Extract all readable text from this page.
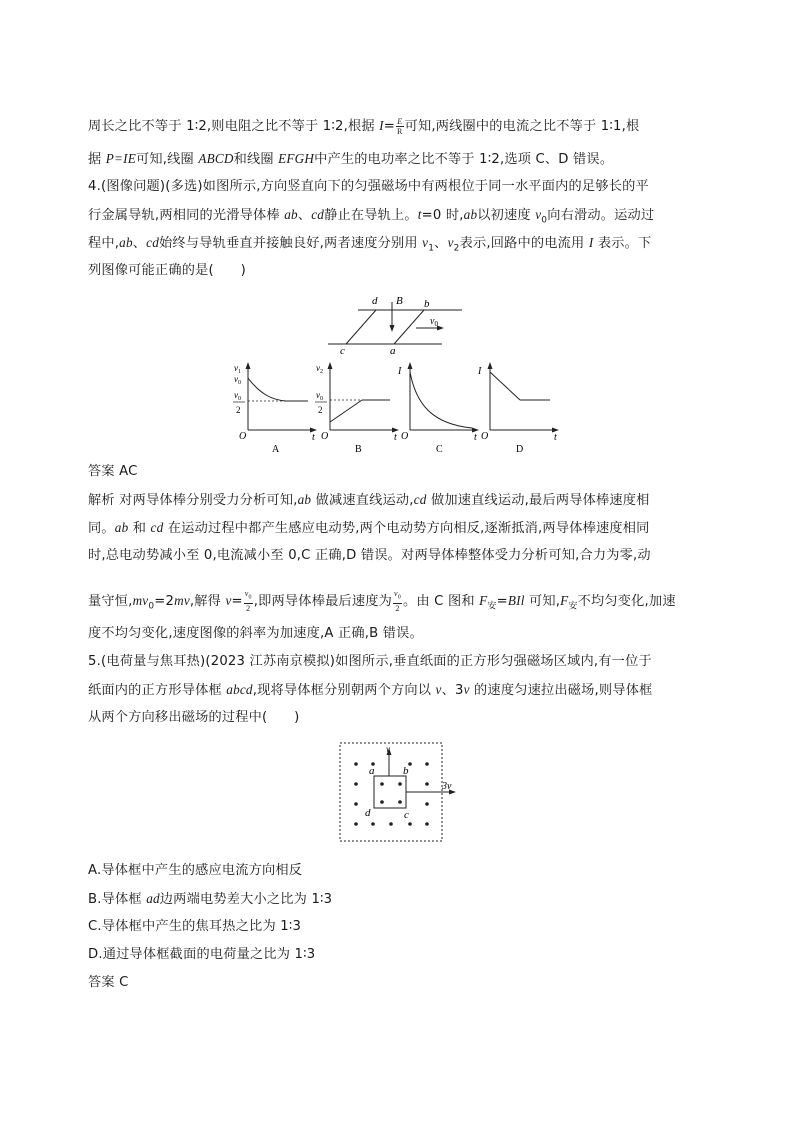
周长之比不等于 1∶2,则电阻之比不等于 1∶2,根据 $I= \frac{E}{R}$ 可知,两线圈中的电流之比不等于 1∶1,根
据 P=IE可知,线圈 ABCD和线圈 EFGH中产生的电功率之比不等于 1∶2,选项 C、D 错误。
4.(图像问题)(多选)如图所示,方向竖直向下的匀强磁场中有两根位于同一水平面内的足够长的平
行金属导轨,两相同的光滑导体棒 ab、cd静止在导轨上。t=0 时,ab以初速度 $v_0$向右滑动。运动过
程中,ab、cd始终与导轨垂直并接触良好,两者速度分别用 $v_1$、$v_2$表示,回路中的电流用 I 表示。下
列图像可能正确的是(　　)
d B b
c	a
$v_0$
$v_1$
$v_0$
$v_0$
2
O	t
A
$v_2$
$v_0$
2
O	t
B
I
O	t
C
I
O	t
D
答案 AC
解析 对两导体棒分别受力分析可知,ab 做减速直线运动,cd 做加速直线运动,最后两导体棒速度相
同。ab 和 cd 在运动过程中都产生感应电动势,两个电动势方向相反,逐渐抵消,两导体棒速度相同
时,总电动势减小至 0,电流减小至 0,C 正确,D 错误。对两导体棒整体受力分析可知,合力为零,动
量守恒$,mv_0=2mv$,解得 $v= \frac{v_0}{2}$ ,即两导体棒最后速度为 $\frac{v_0}{2}$ 。由 C 图和 $F_安=BIl$ 可知$,F_安$不均匀变化,加速
度不均匀变化,速度图像的斜率为加速度,A 正确,B 错误。
5.(电荷量与焦耳热)(2023 江苏南京模拟)如图所示,垂直纸面的正方形匀强磁场区域内,有一位于
纸面内的正方形导体框 abcd,现将导体框分别朝两个方向以 v、3v 的速度匀速拉出磁场,则导体框
从两个方向移出磁场的过程中(　　)
v
3v
a	b
d	c
A.导体框中产生的感应电流方向相反
B.导体框 ad边两端电势差大小之比为 1∶3
C.导体框中产生的焦耳热之比为 1∶3
D.通过导体框截面的电荷量之比为 1∶3
答案 C
